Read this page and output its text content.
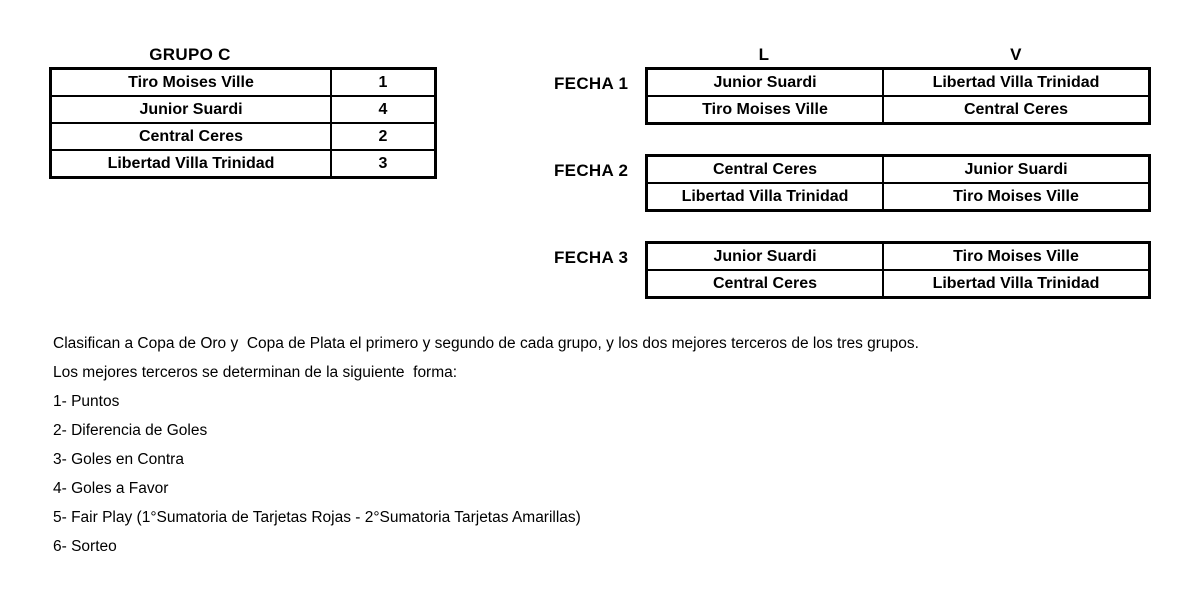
GRUPO C
Tiro Moises Ville	1
Junior Suardi	4
Central Ceres	2
Libertad Villa Trinidad	3
L	V
FECHA 1	Junior Suardi	Libertad Villa Trinidad
Tiro Moises Ville	Central Ceres
FECHA 2	Central Ceres	Junior Suardi
Libertad Villa Trinidad	Tiro Moises Ville
FECHA 3	Junior Suardi	Tiro Moises Ville
Central Ceres	Libertad Villa Trinidad
Clasifican a Copa de Oro y  Copa de Plata el primero y segundo de cada grupo, y los dos mejores terceros de los tres grupos.
Los mejores terceros se determinan de la siguiente  forma:
1- Puntos
2- Diferencia de Goles
3- Goles en Contra
4- Goles a Favor
5- Fair Play (1°Sumatoria de Tarjetas Rojas - 2°Sumatoria Tarjetas Amarillas)
6- Sorteo
